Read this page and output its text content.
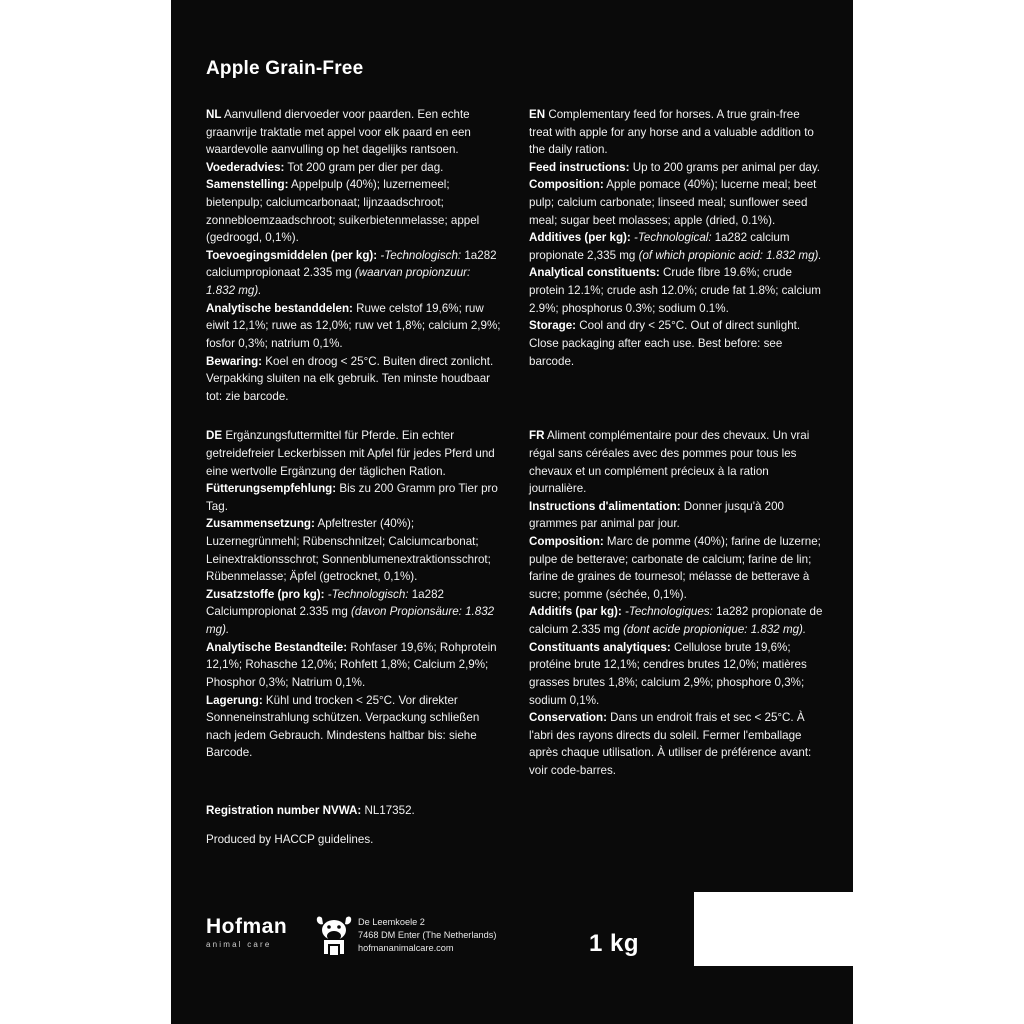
Apple Grain-Free

NL Aanvullend diervoeder voor paarden. Een echte graanvrije traktatie met appel voor elk paard en een waardevolle aanvulling op het dagelijks rantsoen.

Voederadvies: Tot 200 gram per dier per dag.

Samenstelling: Appelpulp (40%); luzernemeel; bietenpulp; calciumcarbonaat; lijnzaadschroot; zonnebloemzaadschroot; suikerbietenmelasse; appel (gedroogd, 0,1%).

Toevoegingsmiddelen (per kg): -Technologisch: 1a282 calciumpropionaat 2.335 mg (waarvan propionzuur: 1.832 mg).

Analytische bestanddelen: Ruwe celstof 19,6%; ruw eiwit 12,1%; ruwe as 12,0%; ruw vet 1,8%; calcium 2,9%; fosfor 0,3%; natrium 0,1%.

Bewaring: Koel en droog < 25°C. Buiten direct zonlicht. Verpakking sluiten na elk gebruik. Ten minste houdbaar tot: zie barcode.

EN Complementary feed for horses. A true grain-free treat with apple for any horse and a valuable addition to the daily ration.

Feed instructions: Up to 200 grams per animal per day.

Composition: Apple pomace (40%); lucerne meal; beet pulp; calcium carbonate; linseed meal; sunflower seed meal; sugar beet molasses; apple (dried, 0.1%).

Additives (per kg): -Technological: 1a282 calcium propionate 2,335 mg (of which propionic acid: 1.832 mg).

Analytical constituents: Crude fibre 19.6%; crude protein 12.1%; crude ash 12.0%; crude fat 1.8%; calcium 2.9%; phosphorus 0.3%; sodium 0.1%.

Storage: Cool and dry < 25°C. Out of direct sunlight. Close packaging after each use. Best before: see barcode.

DE Ergänzungsfuttermittel für Pferde. Ein echter getreidefreier Leckerbissen mit Apfel für jedes Pferd und eine wertvolle Ergänzung der täglichen Ration.

Fütterungsempfehlung: Bis zu 200 Gramm pro Tier pro Tag.

Zusammensetzung: Apfeltrester (40%); Luzernegrünmehl; Rübenschnitzel; Calciumcarbonat; Leinextraktionsschrot; Sonnenblumenextraktionsschrot; Rübenmelasse; Äpfel (getrocknet, 0,1%).

Zusatzstoffe (pro kg): -Technologisch: 1a282 Calciumpropionat 2.335 mg (davon Propionsäure: 1.832 mg).

Analytische Bestandteile: Rohfaser 19,6%; Rohprotein 12,1%; Rohasche 12,0%; Rohfett 1,8%; Calcium 2,9%; Phosphor 0,3%; Natrium 0,1%.

Lagerung: Kühl und trocken < 25°C. Vor direkter Sonneneinstrahlung schützen. Verpackung schließen nach jedem Gebrauch. Mindestens haltbar bis: siehe Barcode.

FR Aliment complémentaire pour des chevaux. Un vrai régal sans céréales avec des pommes pour tous les chevaux et un complément précieux à la ration journalière.

Instructions d'alimentation: Donner jusqu'à 200 grammes par animal par jour.

Composition: Marc de pomme (40%); farine de luzerne; pulpe de betterave; carbonate de calcium; farine de lin; farine de graines de tournesol; mélasse de betterave à sucre; pomme (séchée, 0,1%).

Additifs (par kg): -Technologiques: 1a282 propionate de calcium 2.335 mg (dont acide propionique: 1.832 mg).

Constituants analytiques: Cellulose brute 19,6%; protéine brute 12,1%; cendres brutes 12,0%; matières grasses brutes 1,8%; calcium 2,9%; phosphore 0,3%; sodium 0,1%.

Conservation: Dans un endroit frais et sec < 25°C. À l'abri des rayons directs du soleil. Fermer l'emballage après chaque utilisation. À utiliser de préférence avant: voir code-barres.

Registration number NVWA: NL17352.

Produced by HACCP guidelines.

Hofman
animal care
De Leemkoele 2
7468 DM Enter (The Netherlands)
hofmananimalcare.com	1 kg
